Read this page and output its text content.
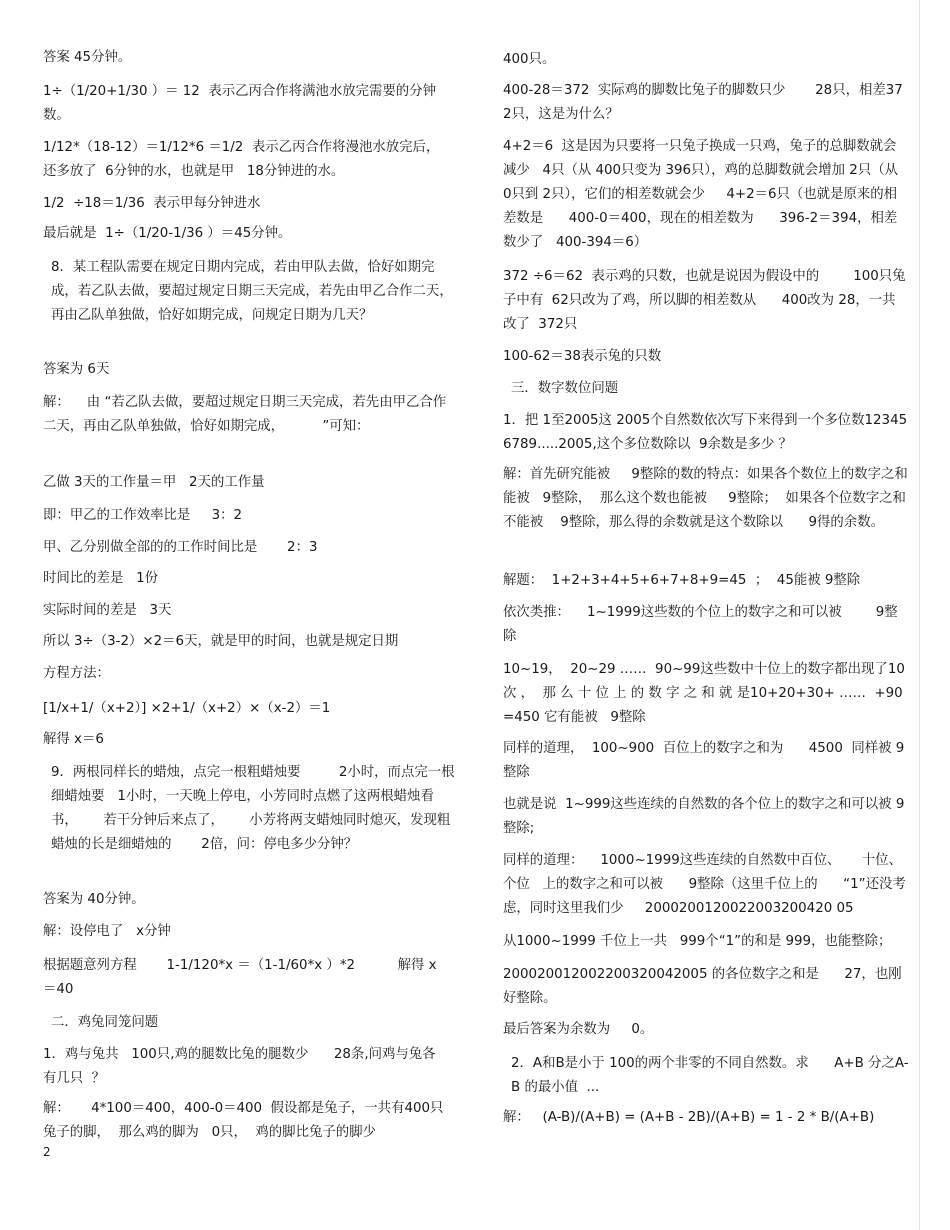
答案 45分钟。
1÷（1/20+1/30 ）＝ 12  表示乙丙合作将满池水放完需要的分钟数。
1/12*（18-12）＝1/12*6 ＝1/2  表示乙丙合作将漫池水放完后，还多放了  6分钟的水，也就是甲   18分钟进的水。
1/2  ÷18＝1/36  表示甲每分钟进水
最后就是  1÷（1/20-1/36 ）＝45分钟。
8．某工程队需要在规定日期内完成，若由甲队去做，恰好如期完成，若乙队去做，要超过规定日期三天完成，若先由甲乙合作二天，再由乙队单独做，恰好如期完成，问规定日期为几天？
答案为 6天
解：    由 “若乙队去做，要超过规定日期三天完成，若先由甲乙合作二天，再由乙队单独做，恰好如期完成，         ”可知：
乙做 3天的工作量＝甲   2天的工作量
即：甲乙的工作效率比是     3：2
甲、乙分别做全部的的工作时间比是       2：3
时间比的差是   1份
实际时间的差是   3天
所以 3÷（3-2）×2＝6天，就是甲的时间，也就是规定日期
方程方法：
[1/x+1/（x+2）] ×2+1/（x+2）×（x-2）＝1
解得 x＝6
9．两根同样长的蜡烛，点完一根粗蜡烛要         2小时，而点完一根细蜡烛要   1小时，一天晚上停电，小芳同时点燃了这两根蜡烛看书，      若干分钟后来点了，      小芳将两支蜡烛同时熄灭，发现粗蜡烛的长是细蜡烛的       2倍，问：停电多少分钟？
答案为 40分钟。
解：设停电了   x分钟
根据题意列方程       1-1/120*x ＝（1-1/60*x ）*2          解得 x＝40
二．鸡兔同笼问题
1．鸡与兔共   100只,鸡的腿数比兔的腿数少      28条,问鸡与兔各有几只  ？
解：     4*100＝400，400-0＝400  假设都是兔子，一共有400只兔子的脚，  那么鸡的脚为   0只，  鸡的脚比兔子的脚少
2
400只。
400-28＝372  实际鸡的脚数比兔子的脚数只少       28只，相差372只，这是为什么？
4+2＝6  这是因为只要将一只兔子换成一只鸡，兔子的总脚数就会减少   4只（从 400只变为 396只），鸡的总脚数就会增加 2只（从 0只到 2只），它们的相差数就会少     4+2＝6只（也就是原来的相差数是      400-0＝400，现在的相差数为      396-2＝394，相差数少了   400-394＝6）
372 ÷6＝62  表示鸡的只数，也就是说因为假设中的        100只兔子中有  62只改为了鸡，所以脚的相差数从      400改为 28，一共改了  372只
100-62＝38表示兔的只数
三．数字数位问题
1．把 1至2005这 2005个自然数依次写下来得到一个多位数123456789.....2005,这个多位数除以  9余数是多少 ？
解：首先研究能被     9整除的数的特点：如果各个数位上的数字之和能被   9整除，  那么这个数也能被     9整除；  如果各个位数字之和不能被    9整除，那么得的余数就是这个数除以      9得的余数。
解题：  1+2+3+4+5+6+7+8+9=45  ；  45能被 9整除
依次类推：    1~1999这些数的个位上的数字之和可以被        9整除
10~19，  20~29 ……  90~99这些数中十位上的数字都出现了10 次 ，  那 么 十 位 上 的 数 字 之 和 就 是10+20+30+ ……  +90=450 它有能被   9整除
同样的道理，  100~900  百位上的数字之和为      4500  同样被 9整除
也就是说  1~999这些连续的自然数的各个位上的数字之和可以被 9整除;
同样的道理：    1000~1999这些连续的自然数中百位、     十位、个位   上的数字之和可以被      9整除（这里千位上的      “1”还没考虑，同时这里我们少     2000200120022003200420 05
从1000~1999 千位上一共   999个“1”的和是 999，也能整除；
200020012002200320042005 的各位数字之和是      27，也刚好整除。
最后答案为余数为     0。
2．A和B是小于 100的两个非零的不同自然数。求      A+B 分之A-B 的最小值  ...
解：   (A-B)/(A+B) = (A+B - 2B)/(A+B) = 1 - 2 * B/(A+B)
